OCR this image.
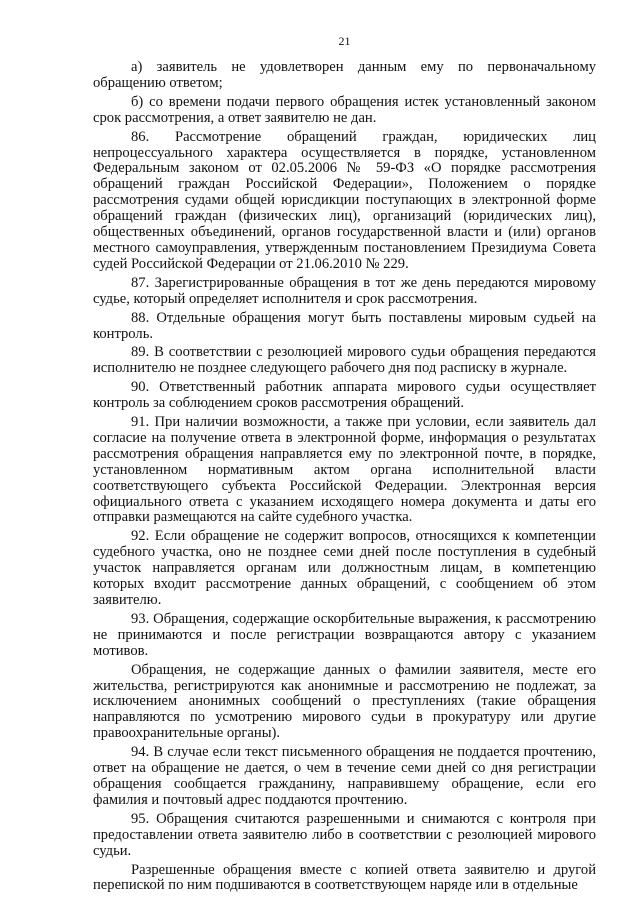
21

а) заявитель не удовлетворен данным ему по первоначальному обращению ответом;

б) со времени подачи первого обращения истек установленный законом срок рассмотрения, а ответ заявителю не дан.

86. Рассмотрение обращений граждан, юридических лиц непроцессуального характера осуществляется в порядке, установленном Федеральным законом от 02.05.2006 № 59-ФЗ «О порядке рассмотрения обращений граждан Российской Федерации», Положением о порядке рассмотрения судами общей юрисдикции поступающих в электронной форме обращений граждан (физических лиц), организаций (юридических лиц), общественных объединений, органов государственной власти и (или) органов местного самоуправления, утвержденным постановлением Президиума Совета судей Российской Федерации от 21.06.2010 № 229.

87. Зарегистрированные обращения в тот же день передаются мировому судье, который определяет исполнителя и срок рассмотрения.

88. Отдельные обращения могут быть поставлены мировым судьей на контроль.

89. В соответствии с резолюцией мирового судьи обращения передаются исполнителю не позднее следующего рабочего дня под расписку в журнале.

90. Ответственный работник аппарата мирового судьи осуществляет контроль за соблюдением сроков рассмотрения обращений.

91. При наличии возможности, а также при условии, если заявитель дал согласие на получение ответа в электронной форме, информация о результатах рассмотрения обращения направляется ему по электронной почте, в порядке, установленном нормативным актом органа исполнительной власти соответствующего субъекта Российской Федерации. Электронная версия официального ответа с указанием исходящего номера документа и даты его отправки размещаются на сайте судебного участка.

92. Если обращение не содержит вопросов, относящихся к компетенции судебного участка, оно не позднее семи дней после поступления в судебный участок направляется органам или должностным лицам, в компетенцию которых входит рассмотрение данных обращений, с сообщением об этом заявителю.

93. Обращения, содержащие оскорбительные выражения, к рассмотрению не принимаются и после регистрации возвращаются автору с указанием мотивов.

Обращения, не содержащие данных о фамилии заявителя, месте его жительства, регистрируются как анонимные и рассмотрению не подлежат, за исключением анонимных сообщений о преступлениях (такие обращения направляются по усмотрению мирового судьи в прокуратуру или другие правоохранительные органы).

94. В случае если текст письменного обращения не поддается прочтению, ответ на обращение не дается, о чем в течение семи дней со дня регистрации обращения сообщается гражданину, направившему обращение, если его фамилия и почтовый адрес поддаются прочтению.

95. Обращения считаются разрешенными и снимаются с контроля при предоставлении ответа заявителю либо в соответствии с резолюцией мирового судьи.

Разрешенные обращения вместе с копией ответа заявителю и другой перепиской по ним подшиваются в соответствующем наряде или в отдельные
